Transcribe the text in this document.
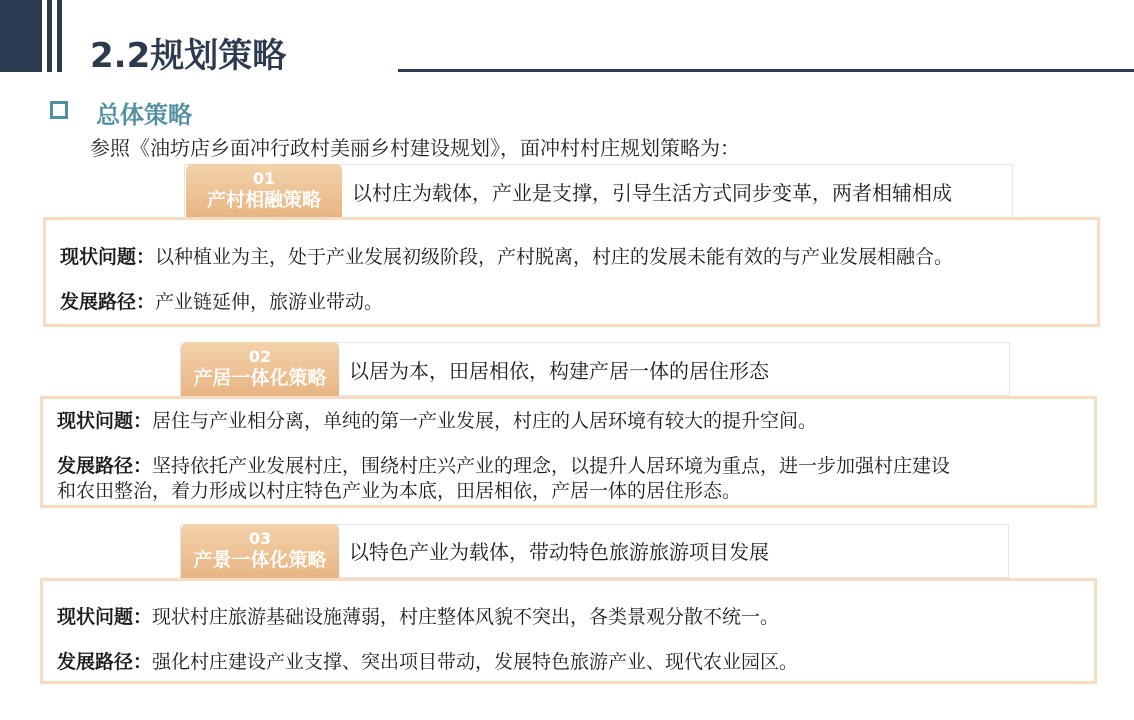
2.2规划策略
总体策略
参照《油坊店乡面冲行政村美丽乡村建设规划》，面冲村村庄规划策略为：
01
产村相融策略	以村庄为载体，产业是支撑，引导生活方式同步变革，两者相辅相成

现状问题：以种植业为主，处于产业发展初级阶段，产村脱离，村庄的发展未能有效的与产业发展相融合。

发展路径：产业链延伸，旅游业带动。

02
产居一体化策略	以居为本，田居相依，构建产居一体的居住形态

现状问题：居住与产业相分离，单纯的第一产业发展，村庄的人居环境有较大的提升空间。

发展路径：坚持依托产业发展村庄，围绕村庄兴产业的理念，以提升人居环境为重点，进一步加强村庄建设

和农田整治，着力形成以村庄特色产业为本底，田居相依，产居一体的居住形态。

03
产景一体化策略	以特色产业为载体，带动特色旅游旅游项目发展

现状问题：现状村庄旅游基础设施薄弱，村庄整体风貌不突出，各类景观分散不统一。

发展路径：强化村庄建设产业支撑、突出项目带动，发展特色旅游产业、现代农业园区。
